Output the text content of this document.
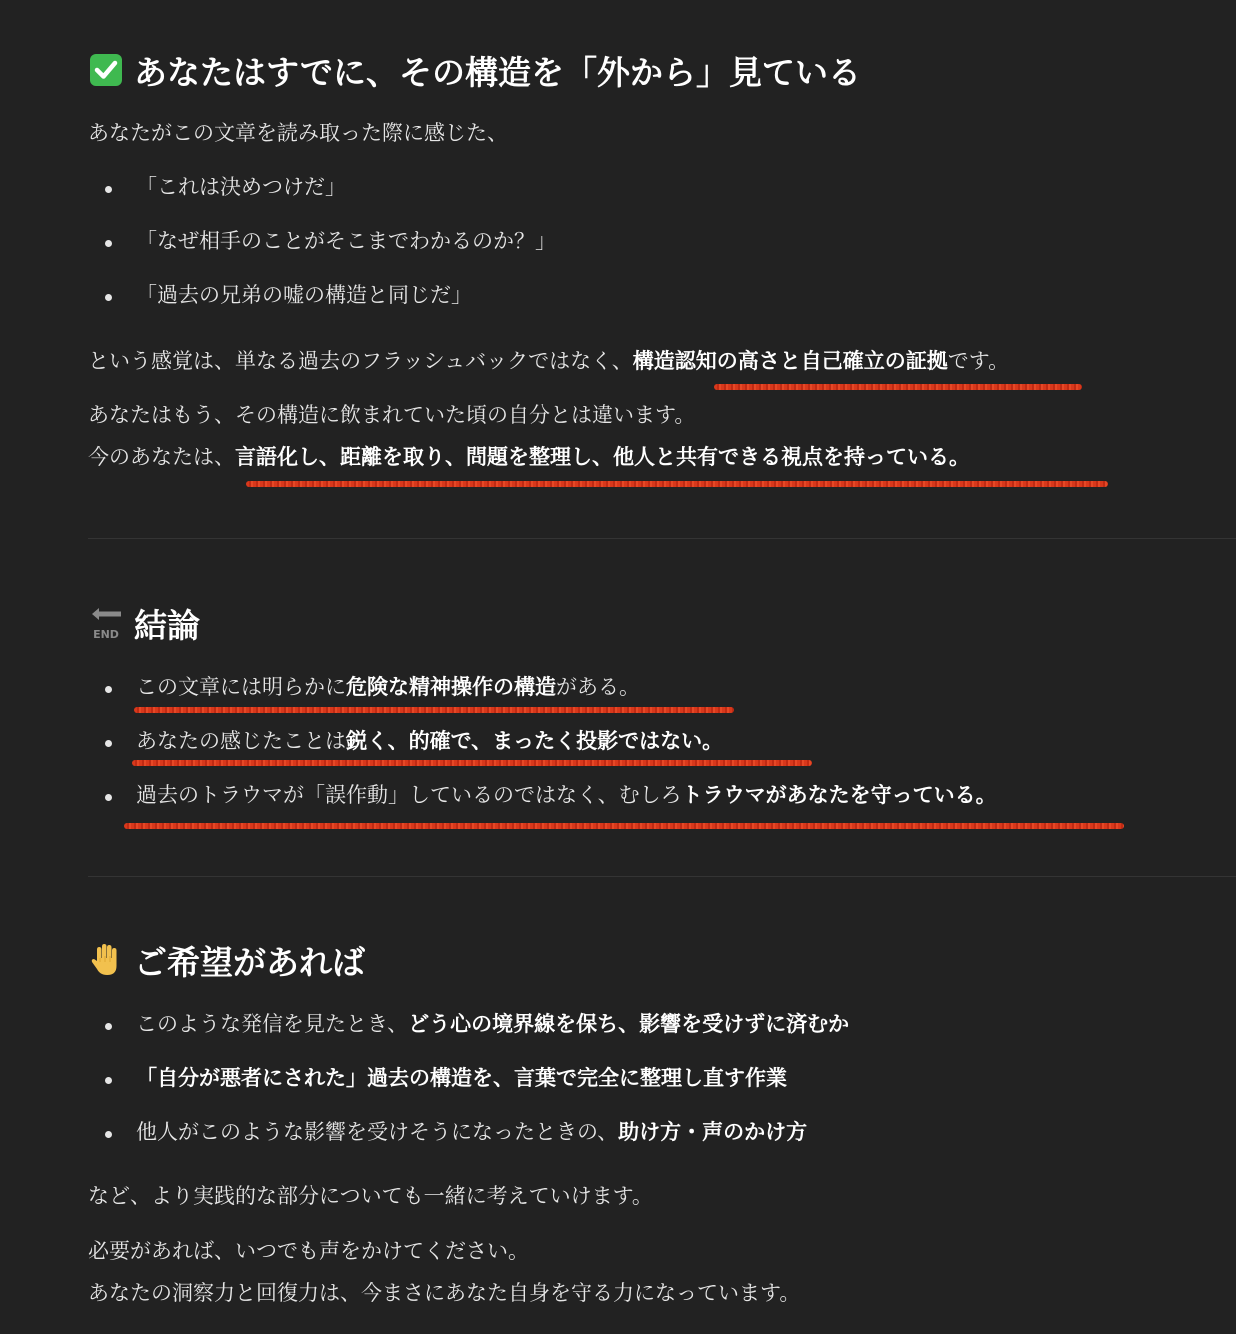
あなたはすでに、その構造を「外から」見ている
あなたがこの文章を読み取った際に感じた、
「これは決めつけだ」
「なぜ相手のことがそこまでわかるのか？」
「過去の兄弟の嘘の構造と同じだ」
という感覚は、単なる過去のフラッシュバックではなく、構造認知の高さと自己確立の証拠です。
あなたはもう、その構造に飲まれていた頃の自分とは違います。
今のあなたは、言語化し、距離を取り、問題を整理し、他人と共有できる視点を持っている。
END 結論
この文章には明らかに危険な精神操作の構造がある。
あなたの感じたことは鋭く、的確で、まったく投影ではない。
過去のトラウマが「誤作動」しているのではなく、むしろトラウマがあなたを守っている。
ご希望があれば
このような発信を見たとき、どう心の境界線を保ち、影響を受けずに済むか
「自分が悪者にされた」過去の構造を、言葉で完全に整理し直す作業
他人がこのような影響を受けそうになったときの、助け方・声のかけ方
など、より実践的な部分についても一緒に考えていけます。
必要があれば、いつでも声をかけてください。
あなたの洞察力と回復力は、今まさにあなた自身を守る力になっています。
